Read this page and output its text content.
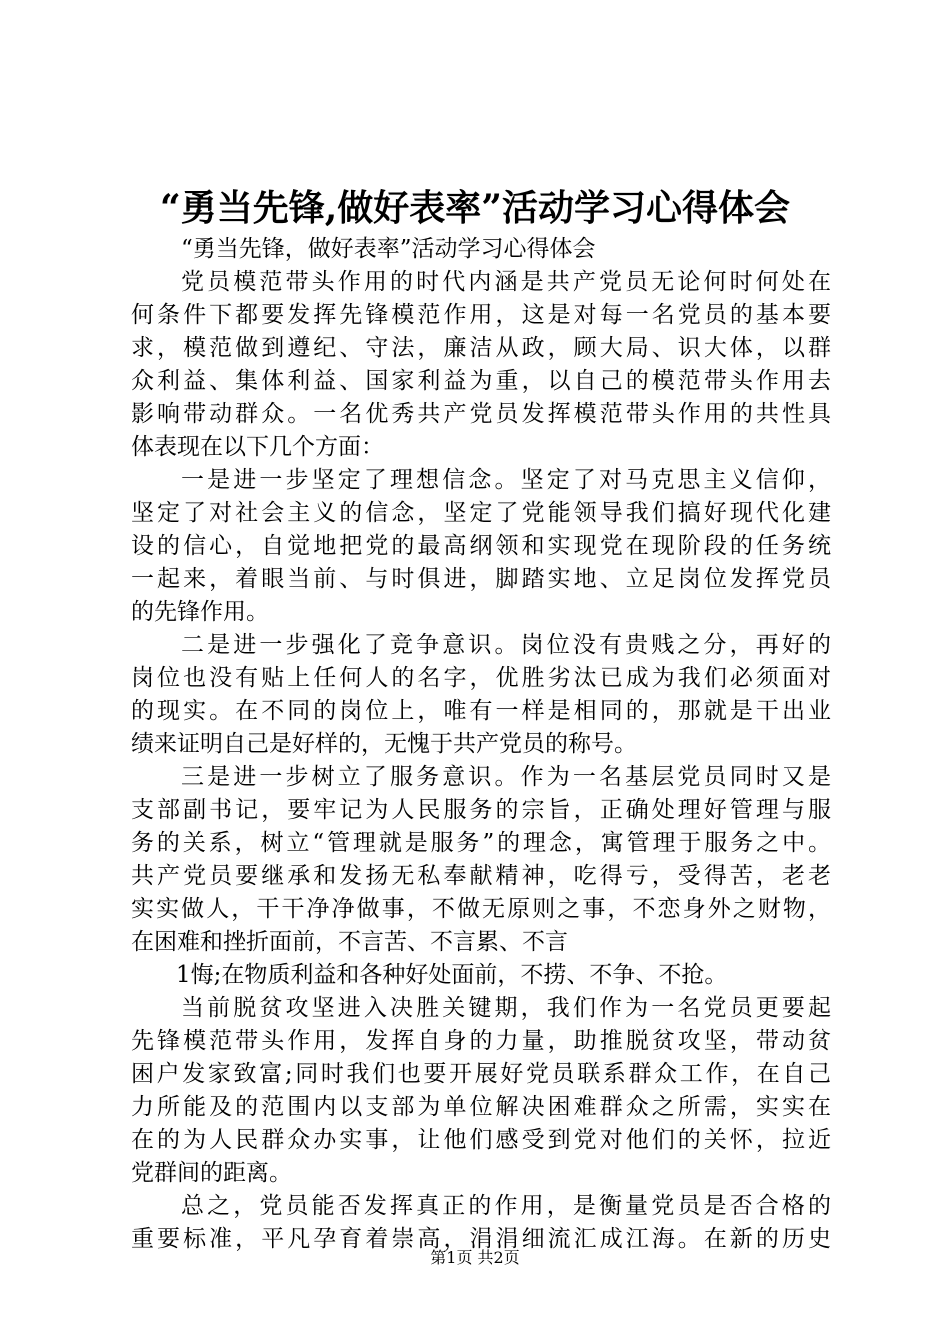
“勇当先锋,做好表率”活动学习心得体会
“勇当先锋，做好表率”活动学习心得体会
党员模范带头作用的时代内涵是共产党员无论何时何处在
何条件下都要发挥先锋模范作用，这是对每一名党员的基本要
求，模范做到遵纪、守法，廉洁从政，顾大局、识大体，以群
众利益、集体利益、国家利益为重，以自己的模范带头作用去
影响带动群众。一名优秀共产党员发挥模范带头作用的共性具
体表现在以下几个方面：
一是进一步坚定了理想信念。坚定了对马克思主义信仰，
坚定了对社会主义的信念，坚定了党能领导我们搞好现代化建
设的信心，自觉地把党的最高纲领和实现党在现阶段的任务统
一起来，着眼当前、与时俱进，脚踏实地、立足岗位发挥党员
的先锋作用。
二是进一步强化了竞争意识。岗位没有贵贱之分，再好的
岗位也没有贴上任何人的名字，优胜劣汰已成为我们必须面对
的现实。在不同的岗位上，唯有一样是相同的，那就是干出业
绩来证明自己是好样的，无愧于共产党员的称号。
三是进一步树立了服务意识。作为一名基层党员同时又是
支部副书记，要牢记为人民服务的宗旨，正确处理好管理与服
务的关系，树立“管理就是服务”的理念，寓管理于服务之中。
共产党员要继承和发扬无私奉献精神，吃得亏，受得苦，老老
实实做人，干干净净做事，不做无原则之事，不恋身外之财物，
在困难和挫折面前，不言苦、不言累、不言
1悔;在物质利益和各种好处面前，不捞、不争、不抢。
当前脱贫攻坚进入决胜关键期，我们作为一名党员更要起
先锋模范带头作用，发挥自身的力量，助推脱贫攻坚，带动贫
困户发家致富;同时我们也要开展好党员联系群众工作，在自己
力所能及的范围内以支部为单位解决困难群众之所需，实实在
在的为人民群众办实事，让他们感受到党对他们的关怀，拉近
党群间的距离。
总之，党员能否发挥真正的作用，是衡量党员是否合格的
重要标准，平凡孕育着崇高，涓涓细流汇成江海。在新的历史
第1页 共2页
